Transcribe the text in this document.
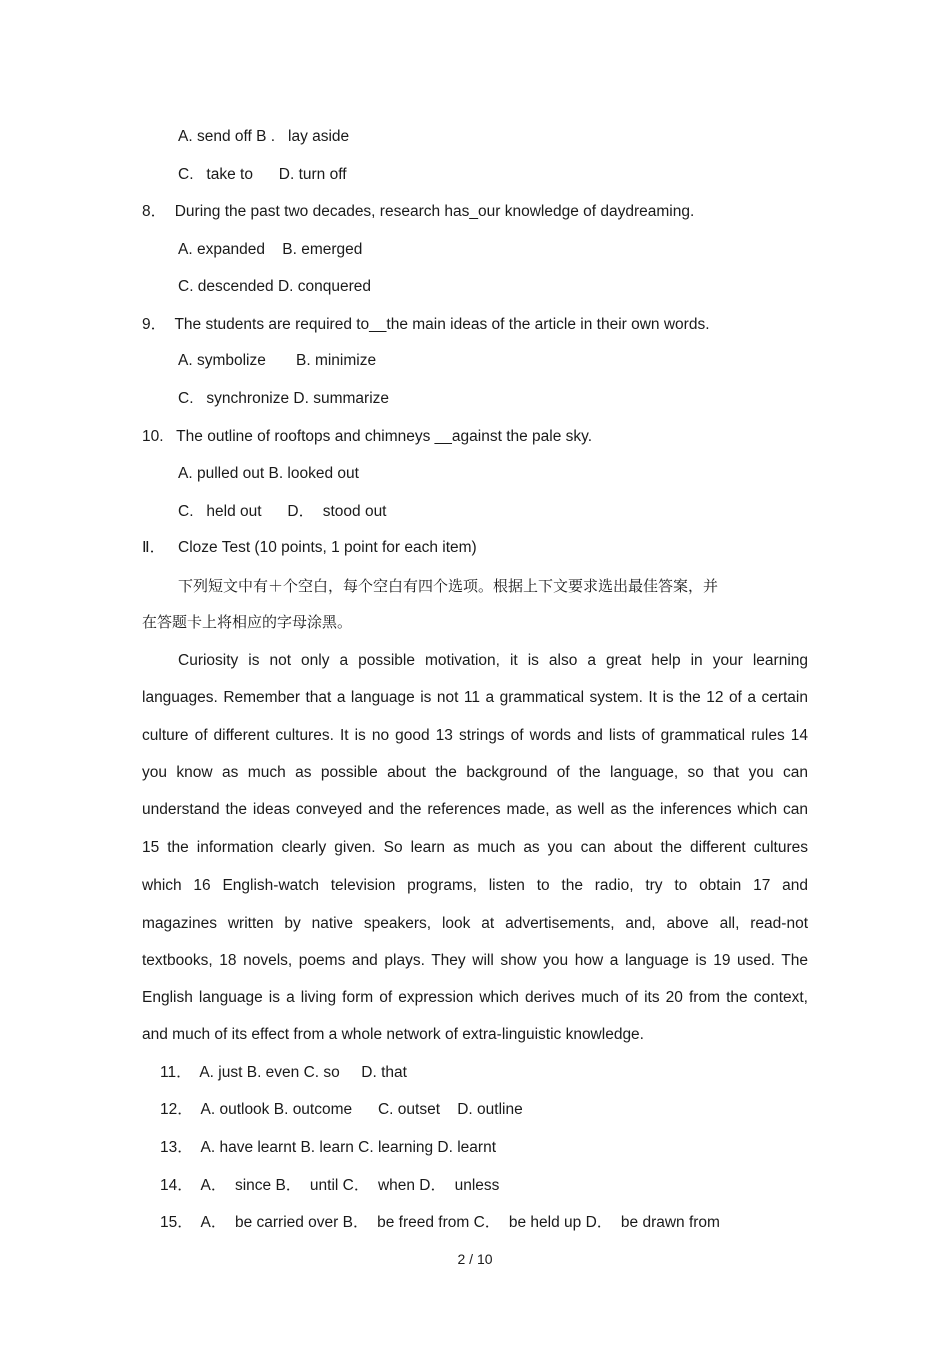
A. send off B .   lay aside
C.   take to      D. turn off
8．  During the past two decades, research has_our knowledge of daydreaming.
A. expanded    B. emerged
C. descended D. conquered
9．  The students are required to__the main ideas of the article in their own words.
A. symbolize       B. minimize
C.   synchronize D. summarize
10.   The outline of rooftops and chimneys __against the pale sky.
A. pulled out B. looked out
C.   held out      D．  stood out
Ⅱ．   Cloze Test (10 points, 1 point for each item)
下列短文中有＋个空白，每个空白有四个选项。根据上下文要求选出最佳答案，并
在答题卡上将相应的字母涂黑。
Curiosity is not only a possible motivation, it is also a great help in your learning
languages. Remember that a language is not 11 a grammatical system. It is the 12 of a certain
culture of different cultures. It is no good 13 strings of words and lists of grammatical rules 14
you know as much as possible about the background of the language, so that you can
understand the ideas conveyed and the references made, as well as the inferences which can
15 the information clearly given. So learn as much as you can about the different cultures
which 16 English-watch television programs, listen to the radio, try to obtain 17 and
magazines written by native speakers, look at advertisements, and, above all, read-not
textbooks, 18 novels, poems and plays. They will show you how a language is 19 used. The
English language is a living form of expression which derives much of its 20 from the context,
and much of its effect from a whole network of extra-linguistic knowledge.
11．  A. just B. even C. so     D. that
12．  A. outlook B. outcome      C. outset    D. outline
13．  A. have learnt B. learn C. learning D. learnt
14．  A．  since B．  until C．  when D．  unless
15．  A．  be carried over B．  be freed from C．  be held up D．  be drawn from
2 / 10
